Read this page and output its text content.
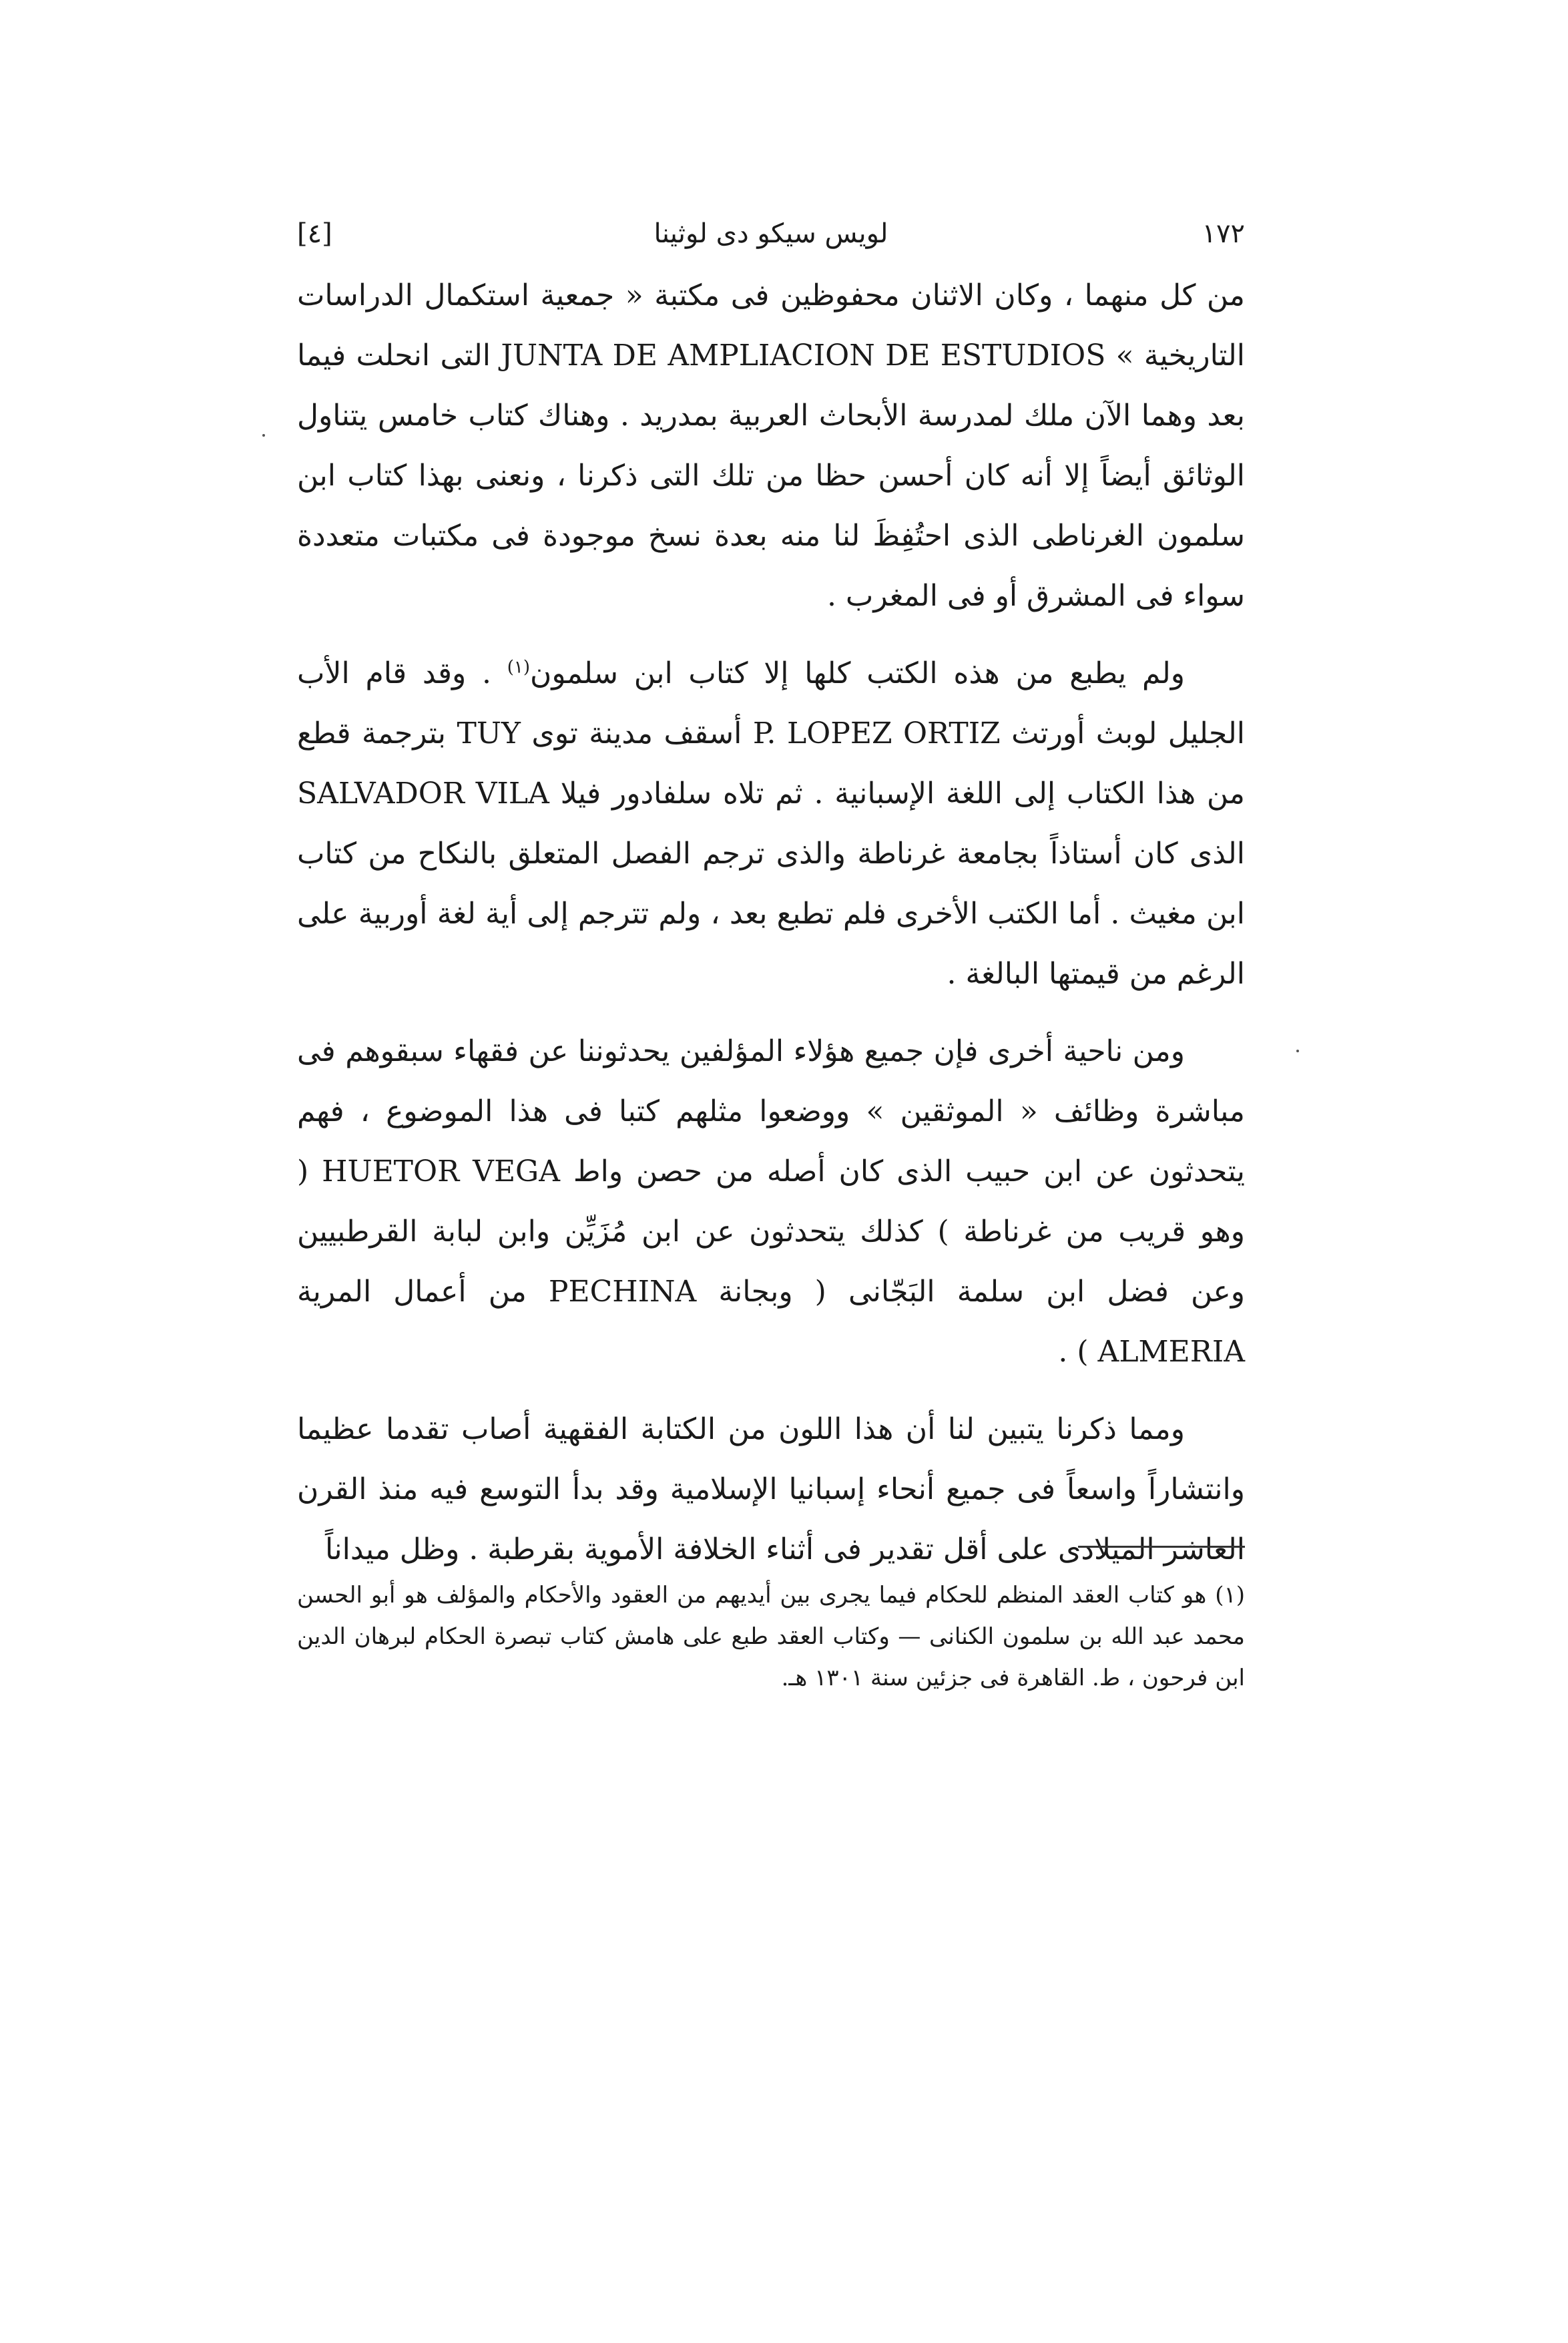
١٧٢
لويس سيكو دى لوثينا
[٤]

من كل منهما ، وكان الاثنان محفوظين فى مكتبة « جمعية استكمال الدراسات التاريخية » JUNTA DE AMPLIACION DE ESTUDIOS التى انحلت فيما بعد وهما الآن ملك لمدرسة الأبحاث العربية بمدريد . وهناك كتاب خامس يتناول الوثائق أيضاً إلا أنه كان أحسن حظا من تلك التى ذكرنا ، ونعنى بهذا كتاب ابن سلمون الغرناطى الذى احتُفِظَ لنا منه بعدة نسخ موجودة فى مكتبات متعددة سواء فى المشرق أو فى المغرب .

ولم يطبع من هذه الكتب كلها إلا كتاب ابن سلمون$^{(١)}$ . وقد قام الأب الجليل لوبث أورتث P. LOPEZ ORTIZ أسقف مدينة توى TUY بترجمة قطع من هذا الكتاب إلى اللغة الإسبانية . ثم تلاه سلفادور فيلا SALVADOR VILA الذى كان أستاذاً بجامعة غرناطة والذى ترجم الفصل المتعلق بالنكاح من كتاب ابن مغيث . أما الكتب الأخرى فلم تطبع بعد ، ولم تترجم إلى أية لغة أوربية على الرغم من قيمتها البالغة .

ومن ناحية أخرى فإن جميع هؤلاء المؤلفين يحدثوننا عن فقهاء سبقوهم فى مباشرة وظائف « الموثقين » ووضعوا مثلهم كتبا فى هذا الموضوع ، فهم يتحدثون عن ابن حبيب الذى كان أصله من حصن واط HUETOR VEGA ( وهو قريب من غرناطة ) كذلك يتحدثون عن ابن مُزَيِّن وابن لبابة القرطبيين وعن فضل ابن سلمة البَجّانى ( وبجانة PECHINA من أعمال المرية ALMERIA ) .

ومما ذكرنا يتبين لنا أن هذا اللون من الكتابة الفقهية أصاب تقدما عظيما وانتشاراً واسعاً فى جميع أنحاء إسبانيا الإسلامية وقد بدأ التوسع فيه منذ القرن العاشر الميلادى على أقل تقدير فى أثناء الخلافة الأموية بقرطبة . وظل ميداناً

(١) هو كتاب العقد المنظم للحكام فيما يجرى بين أيديهم من العقود والأحكام والمؤلف هو أبو الحسن محمد عبد الله بن سلمون الكنانى — وكتاب العقد طبع على هامش كتاب تبصرة الحكام لبرهان الدين ابن فرحون ، ط. القاهرة فى جزئين سنة ١٣٠١ هـ.
